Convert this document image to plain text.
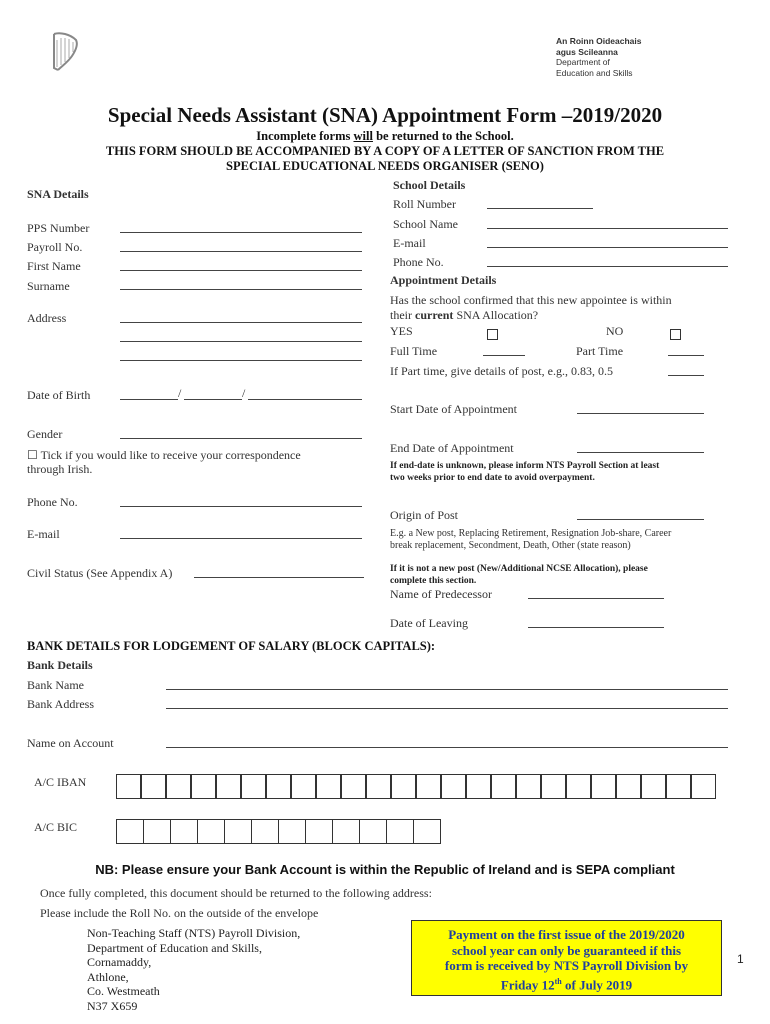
An Roinn Oideachais
agus Scileanna
Department of
Education and Skills
Special Needs Assistant (SNA) Appointment Form –2019/2020
Incomplete forms will be returned to the School.
THIS FORM SHOULD BE ACCOMPANIED BY A COPY OF A LETTER OF SANCTION FROM THE
SPECIAL EDUCATIONAL NEEDS ORGANISER (SENO)
SNA Details
PPS Number
Payroll No.
First Name
Surname
Address
Date of Birth	/	/
Gender
☐ Tick if you would like to receive your correspondence
through Irish.
Phone No.
E-mail
Civil Status (See Appendix A)
School Details
Roll Number
School Name
E-mail
Phone No.
Appointment Details
Has the school confirmed that this new appointee is within
their current SNA Allocation?
YES	NO
Full Time	Part Time
If Part time, give details of post, e.g., 0.83, 0.5
Start Date of Appointment
End Date of Appointment
If end-date is unknown, please inform NTS Payroll Section at least
two weeks prior to end date to avoid overpayment.
Origin of Post
E.g. a New post, Replacing Retirement, Resignation Job-share, Career
break replacement, Secondment, Death, Other (state reason)
If it is not a new post (New/Additional NCSE Allocation), please
complete this section.
Name of Predecessor
Date of Leaving
BANK DETAILS FOR LODGEMENT OF SALARY (BLOCK CAPITALS):
Bank Details
Bank Name
Bank Address
Name on Account
A/C IBAN
A/C BIC
NB: Please ensure your Bank Account is within the Republic of Ireland and is SEPA compliant
Once fully completed, this document should be returned to the following address:
Please include the Roll No. on the outside of the envelope
Non-Teaching Staff (NTS) Payroll Division,
Department of Education and Skills,
Cornamaddy,
Athlone,
Co. Westmeath
N37 X659
Payment on the first issue of the 2019/2020
school year can only be guaranteed if this
form is received by NTS Payroll Division by
Friday 12th of July 2019
1
